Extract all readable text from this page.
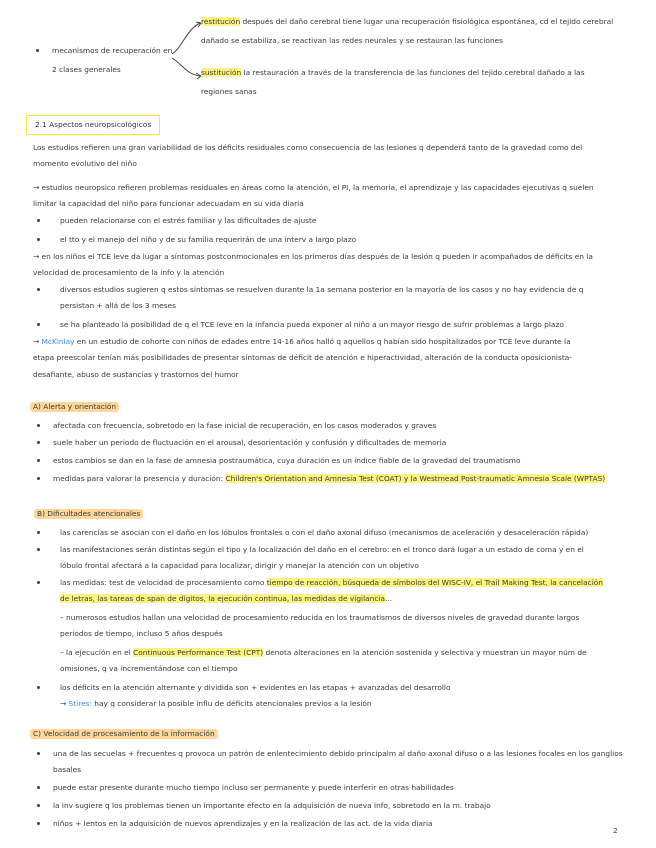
mecanismos de recuperación en
2 clases generales
restitución después del daño cerebral tiene lugar una recuperación fisiológica espontánea, cd el tejido cerebral
dañado se estabiliza, se reactivan las redes neurales y se restauran las funciones
sustitución la restauración a través de la transferencia de las funciones del tejido cerebral dañado a las
regiones sanas
2.1 Aspectos neuropsicológicos
Los estudios refieren una gran variabilidad de los déficits residuales como consecuencia de las lesiones q dependerá tanto de la gravedad como del
momento evolutivo del niño
→ estudios neuropsico refieren problemas residuales en áreas como la atención, el PI, la memoria, el aprendizaje y las capacidades ejecutivas q suelen
limitar la capacidad del niño para funcionar adecuadam en su vida diaria
pueden relacionarse con el estrés familiar y las dificultades de ajuste
el tto y el manejo del niño y de su familia requerirán de una interv a largo plazo
→ en los niños el TCE leve da lugar a síntomas postconmocionales en los primeros días después de la lesión q pueden ir acompañados de déficits en la
velocidad de procesamiento de la info y la atención
diversos estudios sugieren q estos síntomas se resuelven durante la 1a semana posterior en la mayoría de los casos y no hay evidencia de q
persistan + allá de los 3 meses
se ha planteado la posibilidad de q el TCE leve en la infancia pueda exponer al niño a un mayor riesgo de sufrir problemas a largo plazo
→ McKinlay en un estudio de cohorte con niños de edades entre 14-16 años halló q aquellos q habían sido hospitalizados por TCE leve durante la
etapa preescolar tenían más posibilidades de presentar síntomas de déficit de atención e hiperactividad, alteración de la conducta oposicionista-
desafiante, abuso de sustancias y trastornos del humor
A) Alerta y orientación
afectada con frecuencia, sobretodo en la fase inicial de recuperación, en los casos moderados y graves
suele haber un periodo de fluctuación en el arousal, desorientación y confusión y dificultades de memoria
estos cambios se dan en la fase de amnesia postraumática, cuya duración es un índice fiable de la gravedad del traumatismo
medidas para valorar la presencia y duración: Children's Orientation and Amnesia Test (COAT) y la Westmead Post-traumatic Amnesia Scale (WPTAS)
B) Dificultades atencionales
las carencias se asocian con el daño en los lóbulos frontales o con el daño axonal difuso (mecanismos de aceleración y desaceleración rápida)
las manifestaciones serán distintas según el tipo y la localización del daño en el cerebro: en el tronco dará lugar a un estado de coma y en el
lóbulo frontal afectará a la capacidad para localizar, dirigir y manejar la atención con un objetivo
las medidas: test de velocidad de procesamiento como tiempo de reacción, búsqueda de símbolos del WISC-IV, el Trail Making Test, la cancelación
de letras, las tareas de span de dígitos, la ejecución continua, las medidas de vigilancia...
– numerosos estudios hallan una velocidad de procesamiento reducida en los traumatismos de diversos niveles de gravedad durante largos
periodos de tiempo, incluso 5 años después
– la ejecución en el Continuous Performance Test (CPT) denota alteraciones en la atención sostenida y selectiva y muestran un mayor núm de
omisiones, q va incrementándose con el tiempo
los déficits en la atención alternante y dividida son + evidentes en las etapas + avanzadas del desarrollo
→ Stires: hay q considerar la posible influ de déficits atencionales previos a la lesión
C) Velocidad de procesamiento de la información
una de las secuelas + frecuentes q provoca un patrón de enlentecimiento debido principalm al daño axonal difuso o a las lesiones focales en los ganglios
basales
puede estar presente durante mucho tiempo incluso ser permanente y puede interferir en otras habilidades
la inv sugiere q los problemas tienen un importante efecto en la adquisición de nueva info, sobretodo en la m. trabajo
niños + lentos en la adquisición de nuevos aprendizajes y en la realización de las act. de la vida diaria
2
